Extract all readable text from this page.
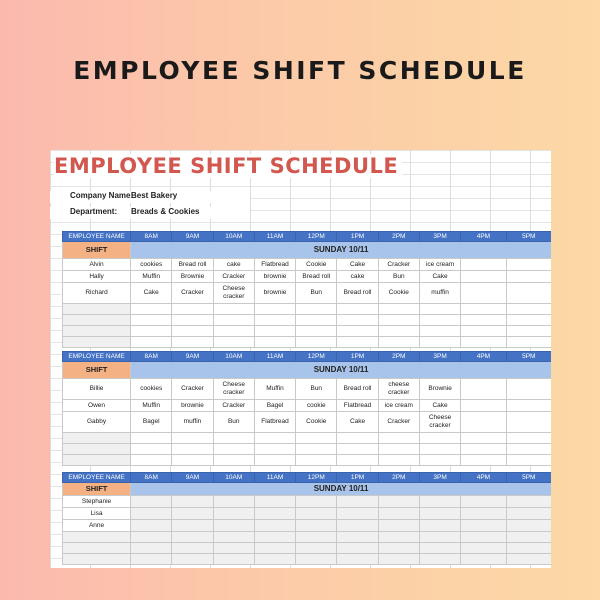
EMPLOYEE SHIFT SCHEDULE
EMPLOYEE SHIFT SCHEDULE
Company Name:
Best Bakery
Department: Breads & Cookies
EMPLOYEE NAME	8AM	9AM	10AM	11AM	12PM	1PM	2PM	3PM	4PM	5PM
SHIFT	SUNDAY 10/11									
Alvin	cookies	Bread roll	cake	Flatbread	Cookie	Cake	Cracker	ice cream		
Hally	Muffin	Brownie	Cracker	brownie	Bread roll	cake	Bun	Cake		
Richard	Cake	Cracker	Cheese cracker	brownie	Bun	Bread roll	Cookie	muffin		

EMPLOYEE NAME	8AM	9AM	10AM	11AM	12PM	1PM	2PM	3PM	4PM	5PM
SHIFT	SUNDAY 10/11									
Billie	cookies	Cracker	Cheese cracker	Muffin	Bun	Bread roll	cheese cracker	Brownie		
Owen	Muffin	brownie	Cracker	Bagel	cookie	Flatbread	ice cream	Cake		
Gabby	Bagel	muffin	Bun	Flatbread	Cookie	Cake	Cracker	Cheese cracker		

EMPLOYEE NAME	8AM	9AM	10AM	11AM	12PM	1PM	2PM	3PM	4PM	5PM
SHIFT	SUNDAY 10/11									
Stephanie										
Lisa										
Anne										
